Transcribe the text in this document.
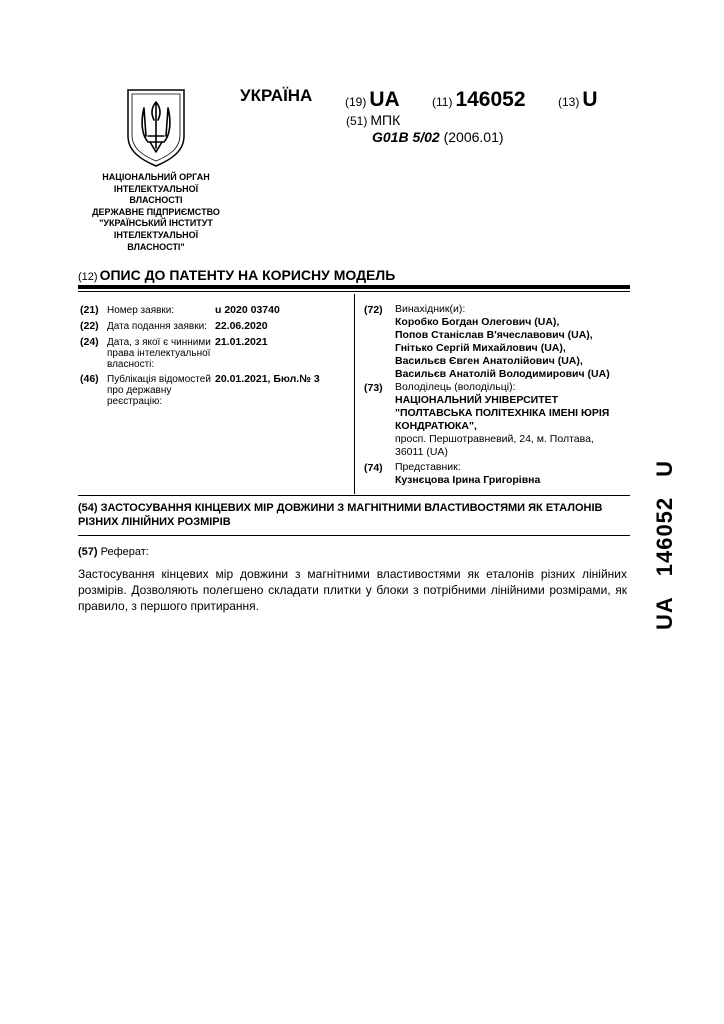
НАЦІОНАЛЬНИЙ ОРГАН
ІНТЕЛЕКТУАЛЬНОЇ
ВЛАСНОСТІ
ДЕРЖАВНЕ ПІДПРИЄМСТВО
"УКРАЇНСЬКИЙ ІНСТИТУТ
ІНТЕЛЕКТУАЛЬНОЇ
ВЛАСНОСТІ"
УКРАЇНА	(19) UA	(11) 146052	(13) U
(51) МПК
G01B 5/02 (2006.01)
(12) ОПИС ДО ПАТЕНТУ НА КОРИСНУ МОДЕЛЬ
(21) Номер заявки:	u 2020 03740
(22) Дата подання заявки: 22.06.2020
(24) Дата, з якої є чинними права інтелектуальної власності:
21.01.2021
(46) Публікація відомостей про державну реєстрацію:
20.01.2021, Бюл.№ 3
(72)	Винахідник(и):
Коробко Богдан Олегович (UA),
Попов Станіслав В'ячеславович (UA),
Гнітько Сергій Михайлович (UA),
Васильєв Євген Анатолійович (UA),
Васильєв Анатолій Володимирович (UA)
(73)	Володілець (володільці):
НАЦІОНАЛЬНИЙ УНІВЕРСИТЕТ
"ПОЛТАВСЬКА ПОЛІТЕХНІКА ІМЕНІ ЮРІЯ
КОНДРАТЮКА",
просп. Першотравневий, 24, м. Полтава,
36011 (UA)
(74)	Представник:
Кузнєцова Ірина Григорівна
(54) ЗАСТОСУВАННЯ КІНЦЕВИХ МІР ДОВЖИНИ З МАГНІТНИМИ ВЛАСТИВОСТЯМИ ЯК ЕТАЛОНІВ РІЗНИХ ЛІНІЙНИХ РОЗМІРІВ
(57) Реферат:
Застосування кінцевих мір довжини з магнітними властивостями як еталонів різних лінійних розмірів. Дозволяють полегшено складати плитки у блоки з потрібними лінійними розмірами, як правило, з першого притирання.	UA146052U
